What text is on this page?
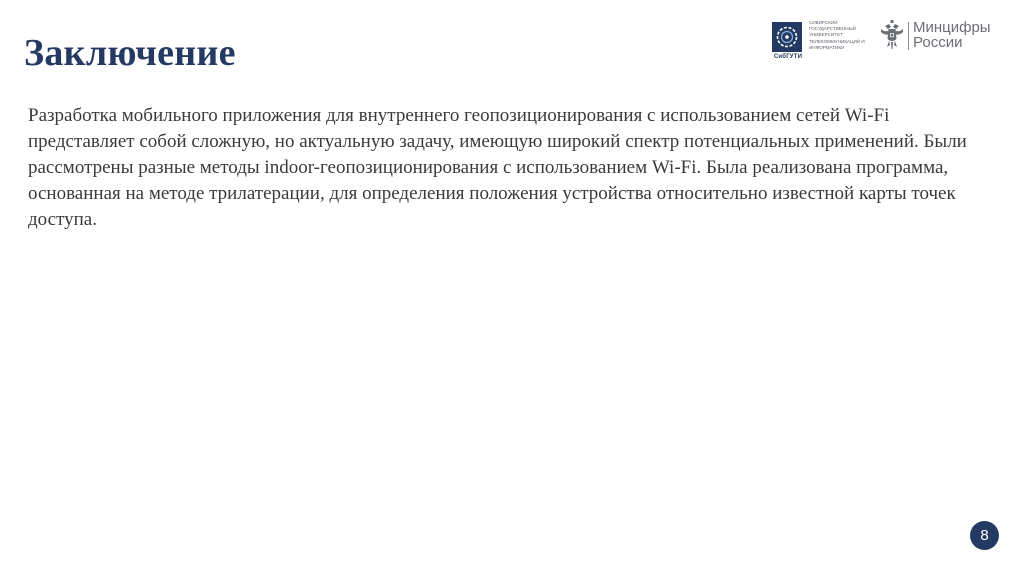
Заключение	СибГУТИ
СИБИРСКИЙ ГОСУДАРСТВЕННЫЙ УНИВЕРСИТЕТ ТЕЛЕКОММУНИКАЦИЙ И ИНФОРМАТИКИ
Минцифры
России

Разработка мобильного приложения для внутреннего геопозиционирования с использованием сетей Wi-Fi представляет собой сложную, но актуальную задачу, имеющую широкий спектр потенциальных применений. Были рассмотрены разные методы indoor-геопозиционирования с использованием Wi-Fi. Была реализована программа, основанная на методе трилатерации, для определения положения устройства относительно известной карты точек доступа.

8
